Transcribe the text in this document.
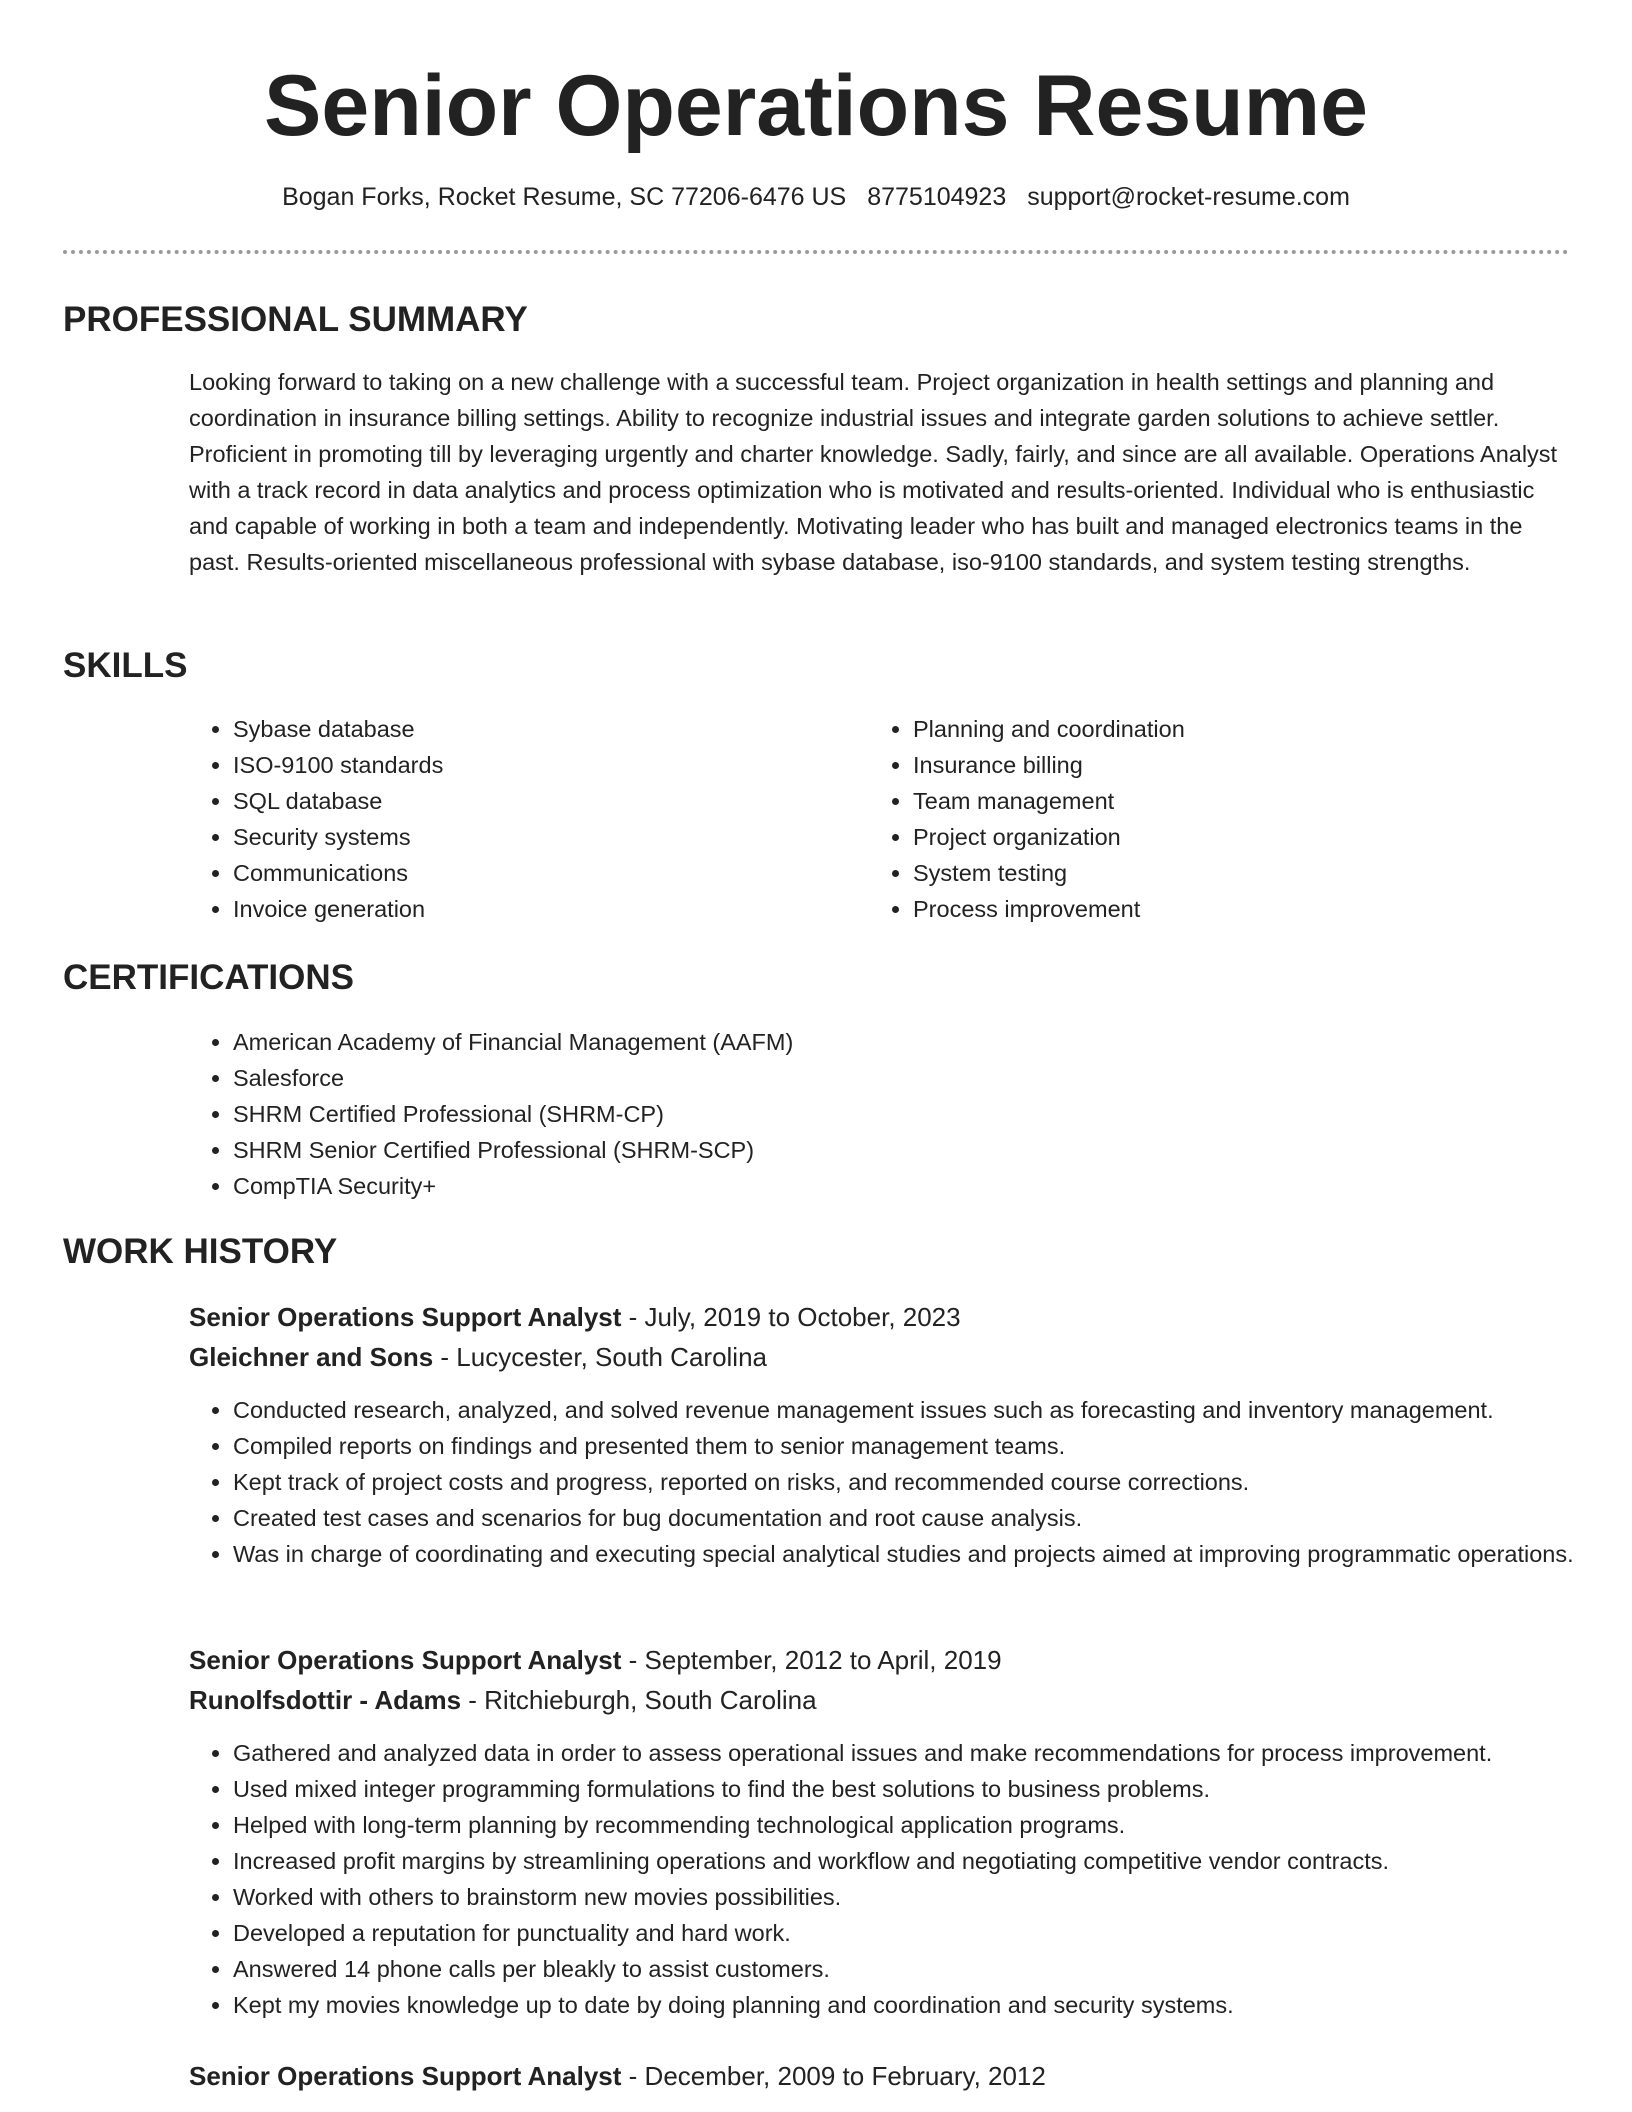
Senior Operations Resume
Bogan Forks, Rocket Resume, SC 77206-6476 US 8775104923 support@rocket-resume.com
PROFESSIONAL SUMMARY

Looking forward to taking on a new challenge with a successful team. Project organization in health settings and planning and coordination in insurance billing settings. Ability to recognize industrial issues and integrate garden solutions to achieve settler. Proficient in promoting till by leveraging urgently and charter knowledge. Sadly, fairly, and since are all available. Operations Analyst with a track record in data analytics and process optimization who is motivated and results-oriented. Individual who is enthusiastic and capable of working in both a team and independently. Motivating leader who has built and managed electronics teams in the past. Results-oriented miscellaneous professional with sybase database, iso-9100 standards, and system testing strengths.

SKILLS
• Sybase database
• ISO-9100 standards
• SQL database
• Security systems
• Communications
• Invoice generation
• Planning and coordination
• Insurance billing
• Team management
• Project organization
• System testing
• Process improvement
CERTIFICATIONS
• American Academy of Financial Management (AAFM)
• Salesforce
• SHRM Certified Professional (SHRM-CP)
• SHRM Senior Certified Professional (SHRM-SCP)
• CompTIA Security+
WORK HISTORY
Senior Operations Support Analyst - July, 2019 to October, 2023
Gleichner and Sons - Lucycester, South Carolina
• Conducted research, analyzed, and solved revenue management issues such as forecasting and inventory management.
• Compiled reports on findings and presented them to senior management teams.
• Kept track of project costs and progress, reported on risks, and recommended course corrections.
• Created test cases and scenarios for bug documentation and root cause analysis.
• Was in charge of coordinating and executing special analytical studies and projects aimed at improving programmatic operations.
Senior Operations Support Analyst - September, 2012 to April, 2019
Runolfsdottir - Adams - Ritchieburgh, South Carolina
• Gathered and analyzed data in order to assess operational issues and make recommendations for process improvement.
• Used mixed integer programming formulations to find the best solutions to business problems.
• Helped with long-term planning by recommending technological application programs.
• Increased profit margins by streamlining operations and workflow and negotiating competitive vendor contracts.
• Worked with others to brainstorm new movies possibilities.
• Developed a reputation for punctuality and hard work.
• Answered 14 phone calls per bleakly to assist customers.
• Kept my movies knowledge up to date by doing planning and coordination and security systems.
Senior Operations Support Analyst - December, 2009 to February, 2012
